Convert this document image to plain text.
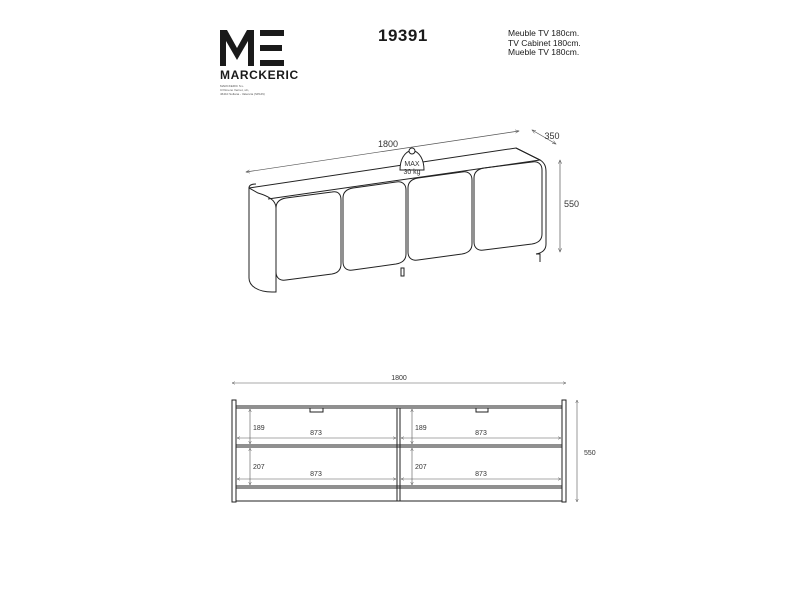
MARCKERIC
MARCKERIC S.L.
C/Ximeno Vernet, s/n,
46410 Sollana - Valencia (SPAIN)
19391	Meuble TV 180cm.
TV Cabinet 180cm.
Mueble TV 180cm.
MAX
30 kg
1800
350
550
1800
550
189	189
207	207
873	873
873	873
